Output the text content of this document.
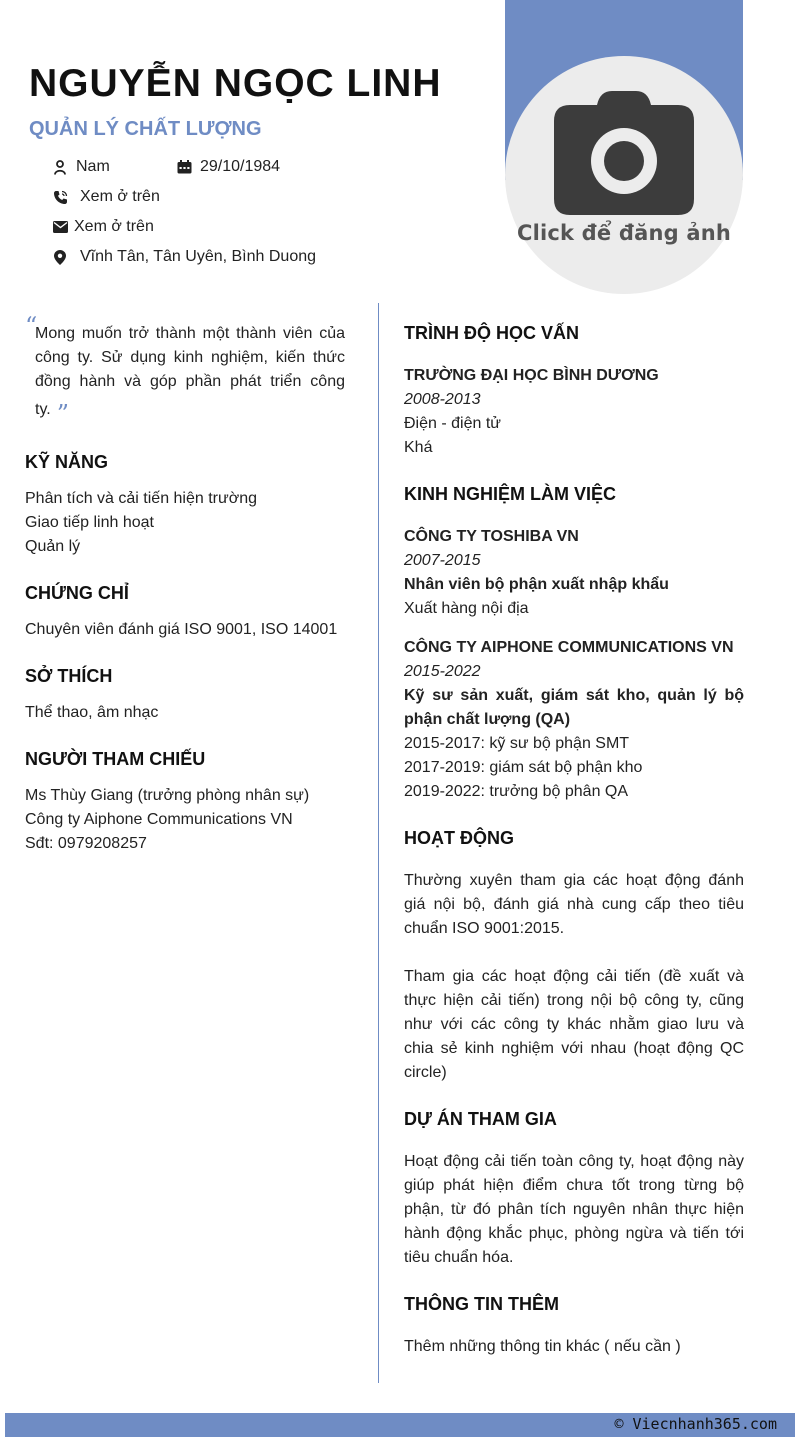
NGUYỄN NGỌC LINH
QUẢN LÝ CHẤT LƯỢNG
Nam	29/10/1984
Xem ở trên
Xem ở trên
Vĩnh Tân, Tân Uyên, Bình Duong
Click để đăng ảnh
“
Mong muốn trở thành một thành viên của công ty. Sử dụng kinh nghiệm, kiến thức đồng hành và góp phần phát triển công ty. ”
KỸ NĂNG
Phân tích và cải tiến hiện trường
Giao tiếp linh hoạt
Quản lý
CHỨNG CHỈ
Chuyên viên đánh giá ISO 9001, ISO 14001
SỞ THÍCH
Thể thao, âm nhạc
NGƯỜI THAM CHIẾU
Ms Thùy Giang (trưởng phòng nhân sự)
Công ty Aiphone Communications VN
Sđt: 0979208257
TRÌNH ĐỘ HỌC VẤN
TRƯỜNG ĐẠI HỌC BÌNH DƯƠNG
2008-2013
Điện - điện tử
Khá
KINH NGHIỆM LÀM VIỆC
CÔNG TY TOSHIBA VN
2007-2015
Nhân viên bộ phận xuất nhập khẩu
Xuất hàng nội địa
CÔNG TY AIPHONE COMMUNICATIONS VN
2015-2022
Kỹ sư sản xuất, giám sát kho, quản lý bộ phận chất lượng (QA)
2015-2017: kỹ sư bộ phận SMT
2017-2019: giám sát bộ phận kho
2019-2022: trưởng bộ phân QA
HOẠT ĐỘNG
Thường xuyên tham gia các hoạt động đánh giá nội bộ, đánh giá nhà cung cấp theo tiêu chuẩn ISO 9001:2015.
Tham gia các hoạt động cải tiến (đề xuất và thực hiện cải tiến) trong nội bộ công ty, cũng như với các công ty khác nhằm giao lưu và chia sẻ kinh nghiệm với nhau (hoạt động QC circle)
DỰ ÁN THAM GIA
Hoạt động cải tiến toàn công ty, hoạt động này giúp phát hiện điểm chưa tốt trong từng bộ phận, từ đó phân tích nguyên nhân thực hiện hành động khắc phục, phòng ngừa và tiến tới tiêu chuẩn hóa.
THÔNG TIN THÊM
Thêm những thông tin khác ( nếu cần )
© Viecnhanh365.com
